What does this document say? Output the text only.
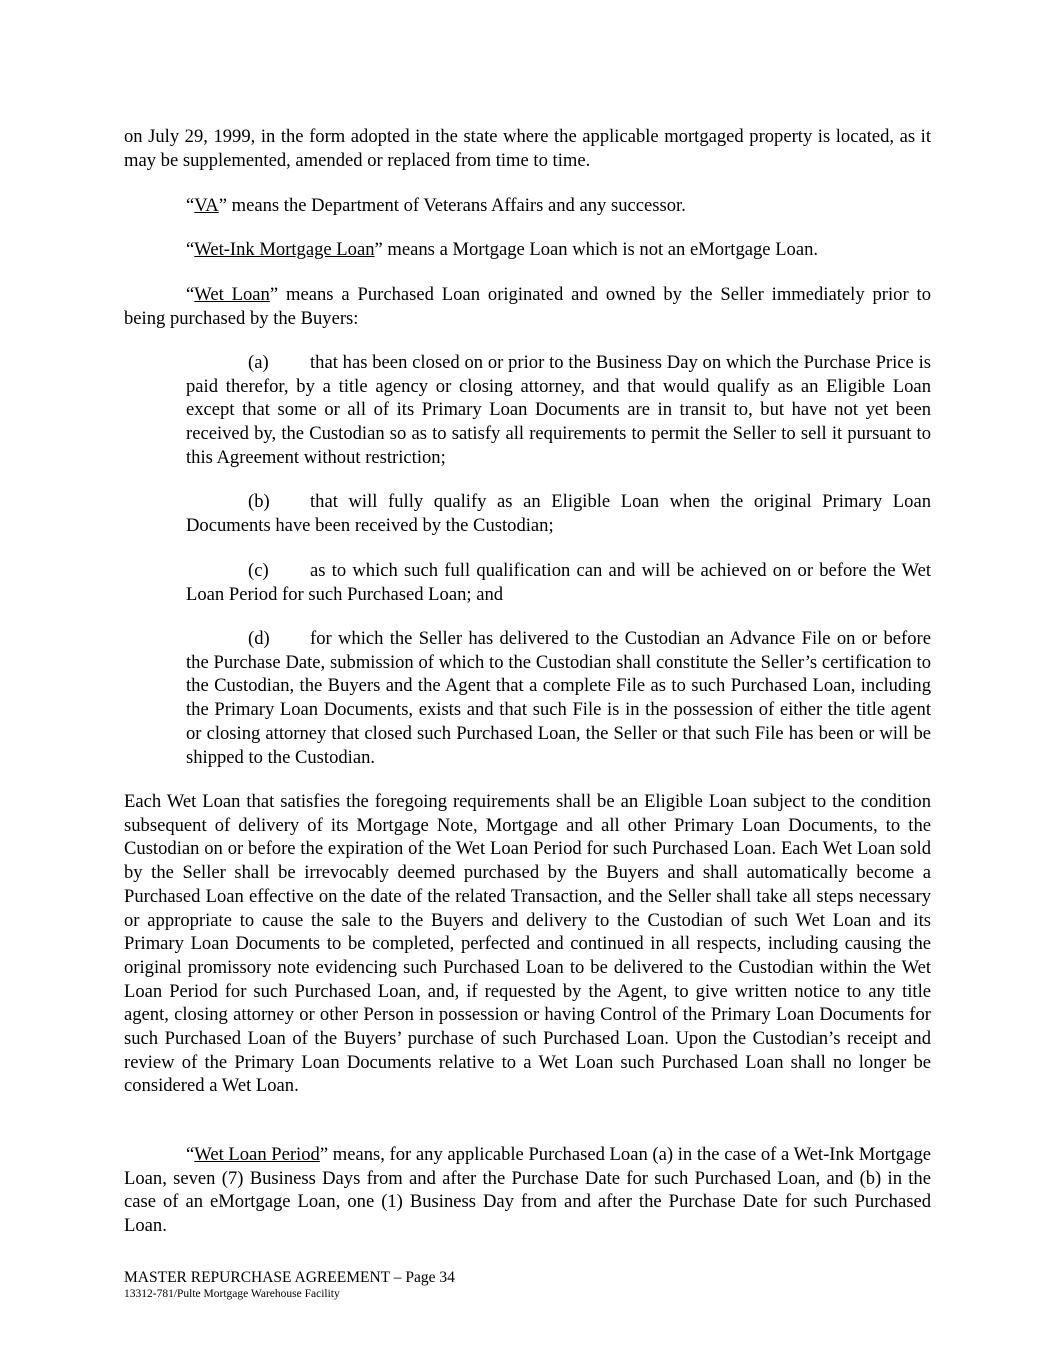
on July 29, 1999, in the form adopted in the state where the applicable mortgaged property is located, as it may be supplemented, amended or replaced from time to time.

“VA” means the Department of Veterans Affairs and any successor.

“Wet-Ink Mortgage Loan” means a Mortgage Loan which is not an eMortgage Loan.

“Wet Loan” means a Purchased Loan originated and owned by the Seller immediately prior to being purchased by the Buyers:

(a) that has been closed on or prior to the Business Day on which the Purchase Price is paid therefor, by a title agency or closing attorney, and that would qualify as an Eligible Loan except that some or all of its Primary Loan Documents are in transit to, but have not yet been received by, the Custodian so as to satisfy all requirements to permit the Seller to sell it pursuant to this Agreement without restriction;

(b) that will fully qualify as an Eligible Loan when the original Primary Loan Documents have been received by the Custodian;

(c) as to which such full qualification can and will be achieved on or before the Wet Loan Period for such Purchased Loan; and

(d) for which the Seller has delivered to the Custodian an Advance File on or before the Purchase Date, submission of which to the Custodian shall constitute the Seller’s certification to the Custodian, the Buyers and the Agent that a complete File as to such Purchased Loan, including the Primary Loan Documents, exists and that such File is in the possession of either the title agent or closing attorney that closed such Purchased Loan, the Seller or that such File has been or will be shipped to the Custodian.

Each Wet Loan that satisfies the foregoing requirements shall be an Eligible Loan subject to the condition subsequent of delivery of its Mortgage Note, Mortgage and all other Primary Loan Documents, to the Custodian on or before the expiration of the Wet Loan Period for such Purchased Loan. Each Wet Loan sold by the Seller shall be irrevocably deemed purchased by the Buyers and shall automatically become a Purchased Loan effective on the date of the related Transaction, and the Seller shall take all steps necessary or appropriate to cause the sale to the Buyers and delivery to the Custodian of such Wet Loan and its Primary Loan Documents to be completed, perfected and continued in all respects, including causing the original promissory note evidencing such Purchased Loan to be delivered to the Custodian within the Wet Loan Period for such Purchased Loan, and, if requested by the Agent, to give written notice to any title agent, closing attorney or other Person in possession or having Control of the Primary Loan Documents for such Purchased Loan of the Buyers’ purchase of such Purchased Loan. Upon the Custodian’s receipt and review of the Primary Loan Documents relative to a Wet Loan such Purchased Loan shall no longer be considered a Wet Loan.

“Wet Loan Period” means, for any applicable Purchased Loan (a) in the case of a Wet-Ink Mortgage Loan, seven (7) Business Days from and after the Purchase Date for such Purchased Loan, and (b) in the case of an eMortgage Loan, one (1) Business Day from and after the Purchase Date for such Purchased Loan.

MASTER REPURCHASE AGREEMENT – Page 34
13312-781/Pulte Mortgage Warehouse Facility
